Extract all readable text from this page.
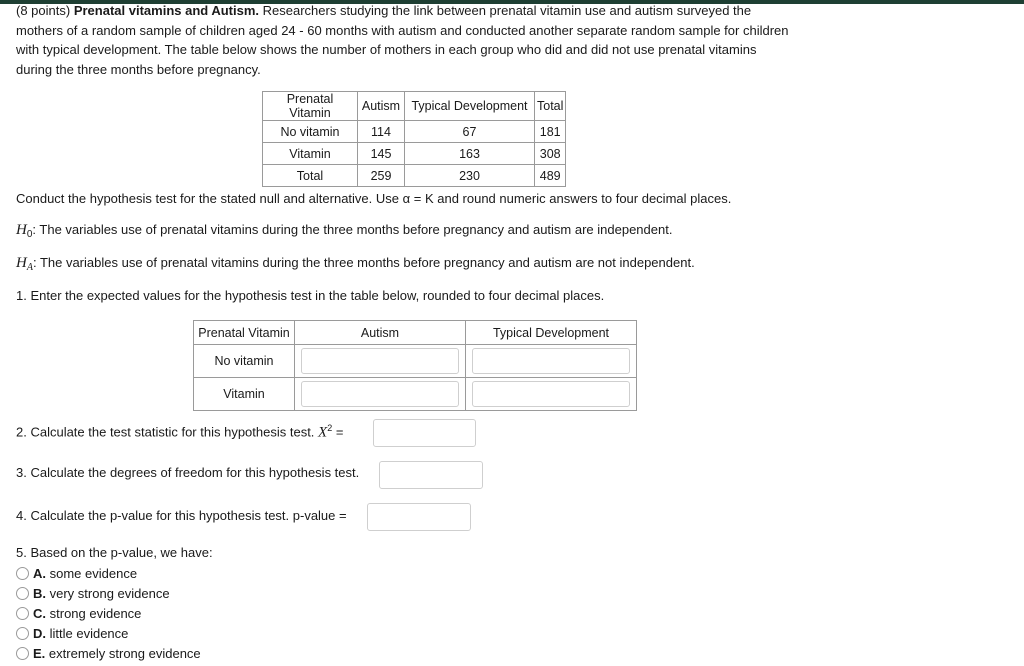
(8 points) Prenatal vitamins and Autism. Researchers studying the link between prenatal vitamin use and autism surveyed the mothers of a random sample of children aged 24 - 60 months with autism and conducted another separate random sample for children with typical development. The table below shows the number of mothers in each group who did and did not use prenatal vitamins during the three months before pregnancy.
Prenatal Vitamin	Autism	Typical Development	Total
No vitamin	114	67	181
Vitamin	145	163	308
Total	259	230	489
Conduct the hypothesis test for the stated null and alternative. Use α = K and round numeric answers to four decimal places.
$H_0$: The variables use of prenatal vitamins during the three months before pregnancy and autism are independent.
$H_A$: The variables use of prenatal vitamins during the three months before pregnancy and autism are not independent.
1. Enter the expected values for the hypothesis test in the table below, rounded to four decimal places.
Prenatal Vitamin	Autism	Typical Development
No vitamin	

Vitamin	

2. Calculate the test statistic for this hypothesis test. $X^2$ =
3. Calculate the degrees of freedom for this hypothesis test.
4. Calculate the p-value for this hypothesis test. p-value =
5. Based on the p-value, we have:
A. some evidence
B. very strong evidence
C. strong evidence
D. little evidence
E. extremely strong evidence
